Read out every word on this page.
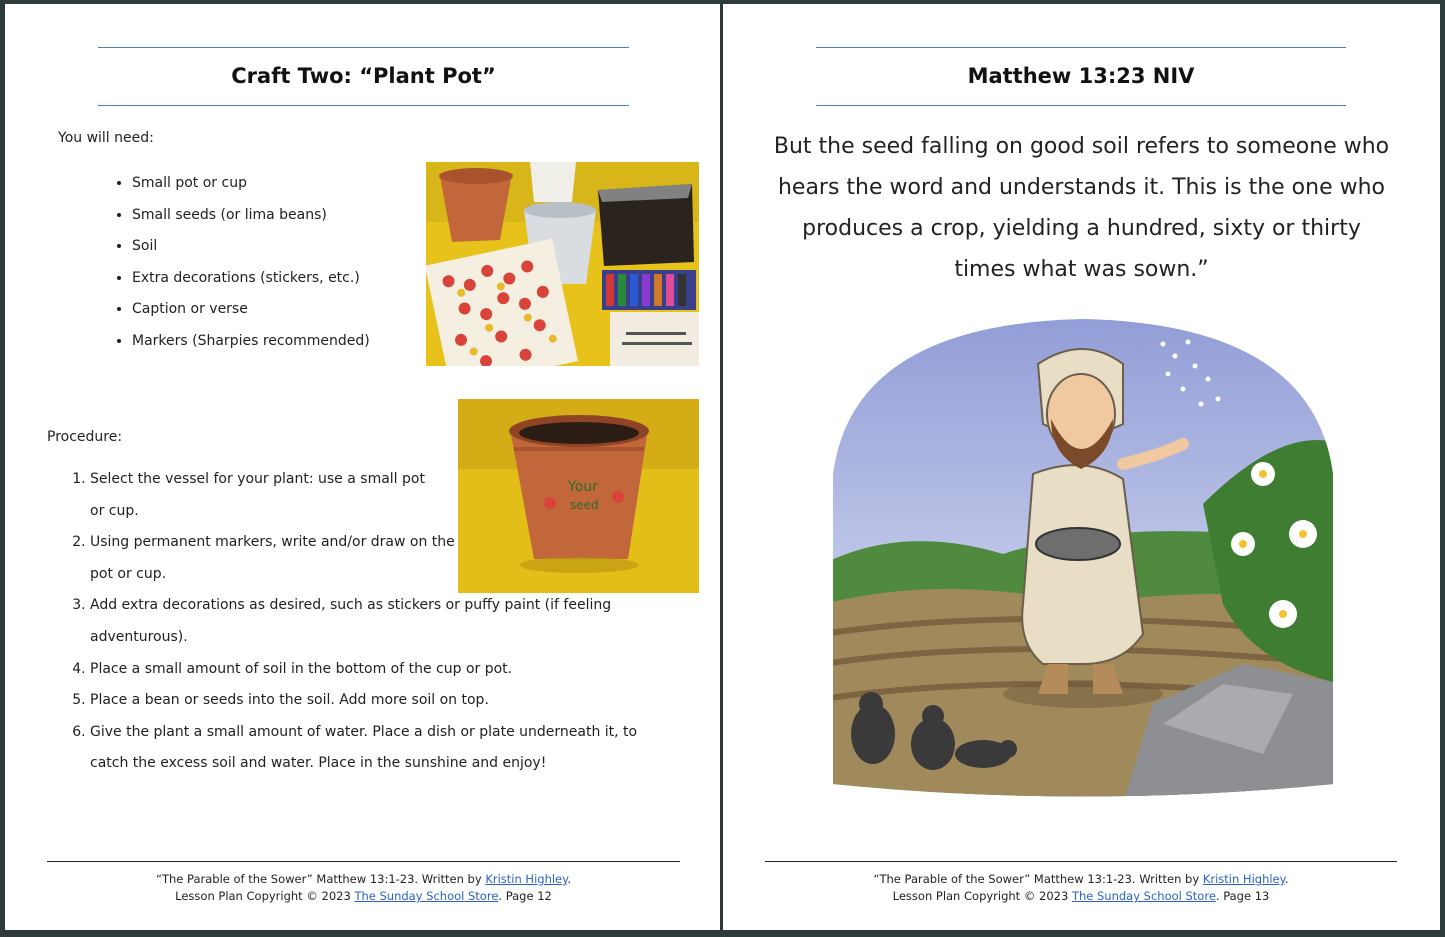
Craft Two: “Plant Pot”
You will need:
• Small pot or cup
• Small seeds (or lima beans)
• Soil
• Extra decorations (stickers, etc.)
• Caption or verse
• Markers (Sharpies recommended)
Procedure:
Your
seed
1. Select the vessel for your plant: use a small pot or cup.
2. Using permanent markers, write and/or draw on the pot or cup.
3. Add extra decorations as desired, such as stickers or puffy paint (if feeling adventurous).
4. Place a small amount of soil in the bottom of the cup or pot.
5. Place a bean or seeds into the soil. Add more soil on top.
6. Give the plant a small amount of water. Place a dish or plate underneath it, to catch the excess soil and water. Place in the sunshine and enjoy!
“The Parable of the Sower” Matthew 13:1-23. Written by Kristin Highley.
Lesson Plan Copyright © 2023 The Sunday School Store. Page 12
Matthew 13:23 NIV
But the seed falling on good soil refers to someone who hears the word and understands it. This is the one who produces a crop, yielding a hundred, sixty or thirty times what was sown.”
“The Parable of the Sower” Matthew 13:1-23. Written by Kristin Highley.
Lesson Plan Copyright © 2023 The Sunday School Store. Page 13
